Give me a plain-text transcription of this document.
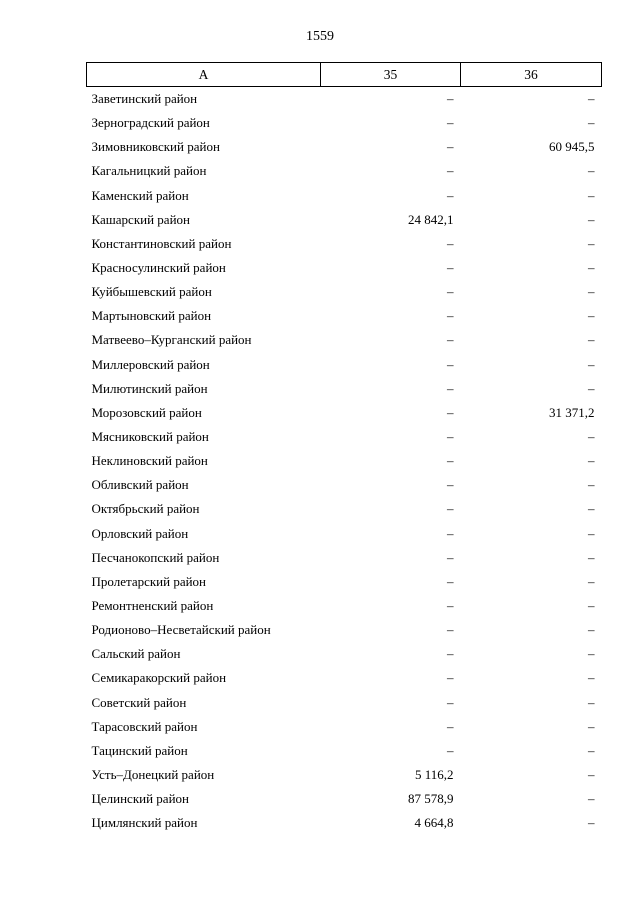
1559
А	35	36
Заветинский район	–	–
Зерноградский район	–	–
Зимовниковский район	–	60 945,5
Кагальницкий район	–	–
Каменский район	–	–
Кашарский район	24 842,1	–
Константиновский район	–	–
Красносулинский район	–	–
Куйбышевский район	–	–
Мартыновский район	–	–
Матвеево–Курганский район	–	–
Миллеровский район	–	–
Милютинский район	–	–
Морозовский район	–	31 371,2
Мясниковский район	–	–
Неклиновский район	–	–
Обливский район	–	–
Октябрьский район	–	–
Орловский район	–	–
Песчанокопский район	–	–
Пролетарский район	–	–
Ремонтненский район	–	–
Родионово–Несветайский район	–	–
Сальский район	–	–
Семикаракорский район	–	–
Советский район	–	–
Тарасовский район	–	–
Тацинский район	–	–
Усть–Донецкий район	5 116,2	–
Целинский район	87 578,9	–
Цимлянский район	4 664,8	–
